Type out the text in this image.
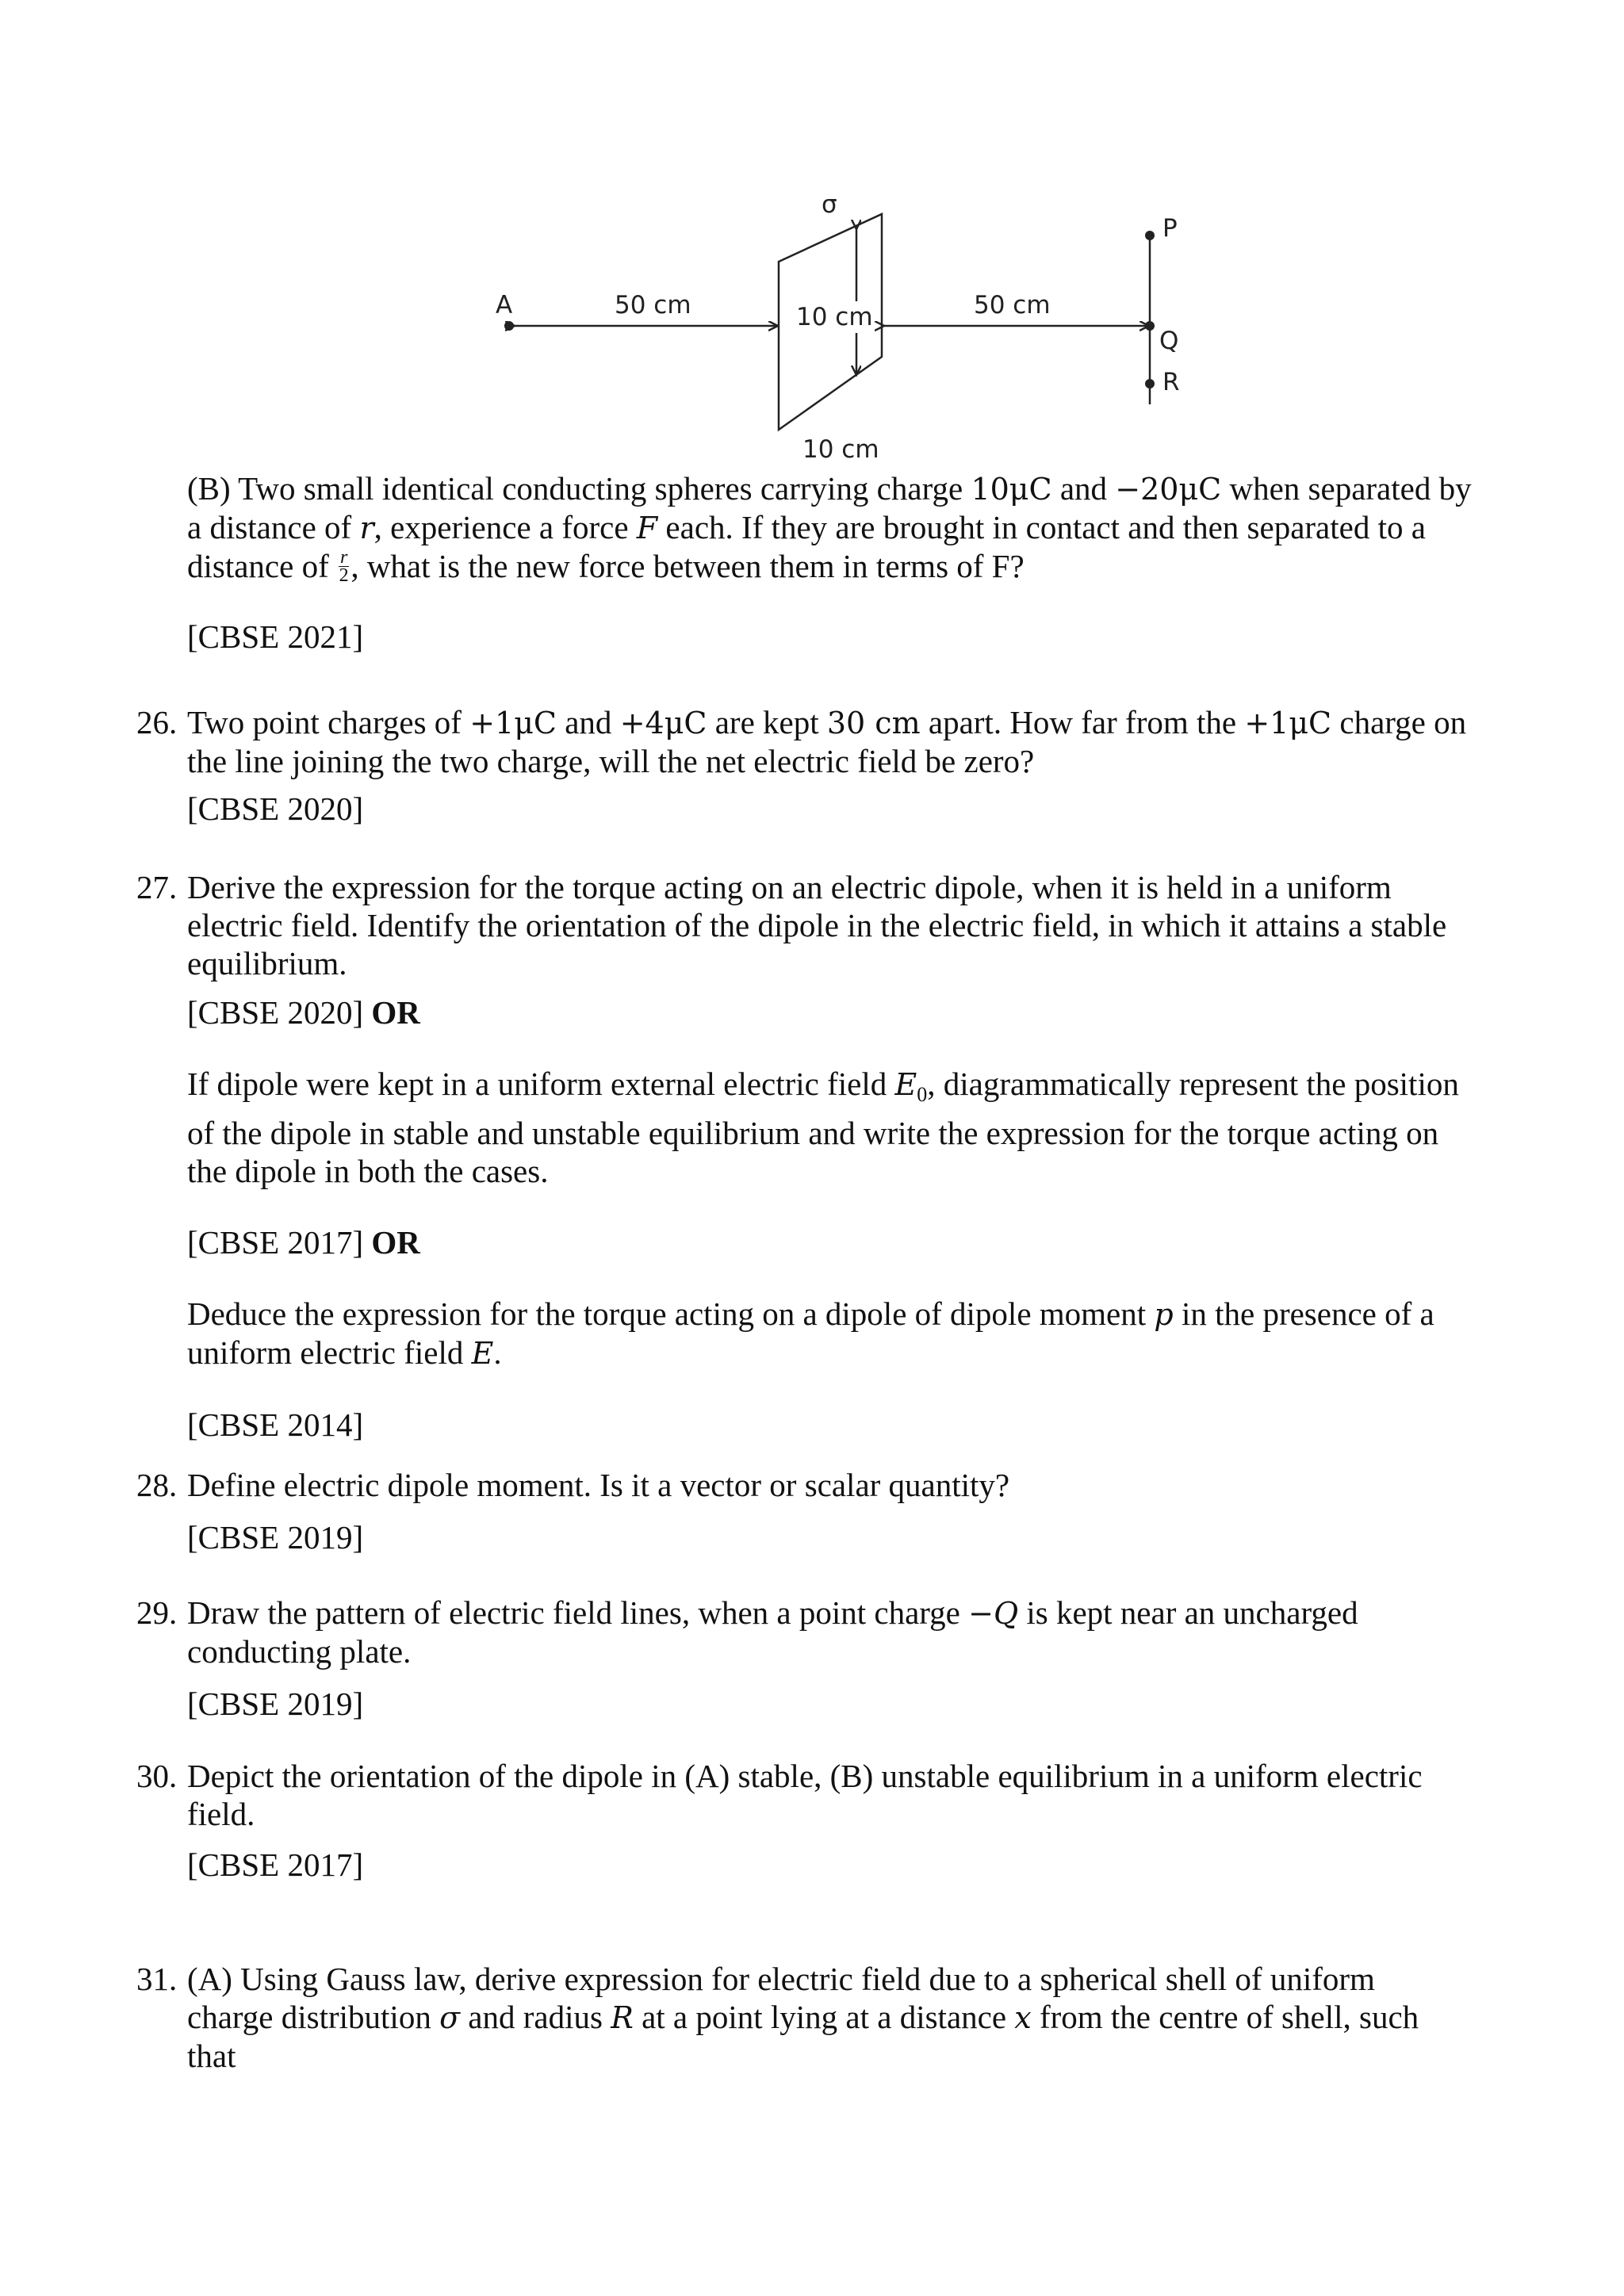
A	50 cm
σ
10 cm
10 cm
50 cm
P
Q
R
(B) Two small identical conducting spheres carrying charge 10μC and −20μC when separated by
a distance of r, experience a force F each. If they are brought in contact and then separated to a
distance of $\frac{r}{2}$ , what is the new force between them in terms of F?
[CBSE 2021]
26. Two point charges of +1μC and +4μC are kept 30 cm apart. How far from the +1μC charge on
the line joining the two charge, will the net electric field be zero?
[CBSE 2020]
27. Derive the expression for the torque acting on an electric dipole, when it is held in a uniform
electric field. Identify the orientation of the dipole in the electric field, in which it attains a stable
equilibrium.
[CBSE 2020] OR
If dipole were kept in a uniform external electric field $E_0$, diagrammatically represent the position
of the dipole in stable and unstable equilibrium and write the expression for the torque acting on
the dipole in both the cases.
[CBSE 2017] OR
Deduce the expression for the torque acting on a dipole of dipole moment p in the presence of a
uniform electric field E.
[CBSE 2014]
28. Define electric dipole moment. Is it a vector or scalar quantity?
[CBSE 2019]
29. Draw the pattern of electric field lines, when a point charge −Q is kept near an uncharged
conducting plate.
[CBSE 2019]
30. Depict the orientation of the dipole in (A) stable, (B) unstable equilibrium in a uniform electric
field.
[CBSE 2017]
31. (A) Using Gauss law, derive expression for electric field due to a spherical shell of uniform
charge distribution σ and radius R at a point lying at a distance x from the centre of shell, such
that
